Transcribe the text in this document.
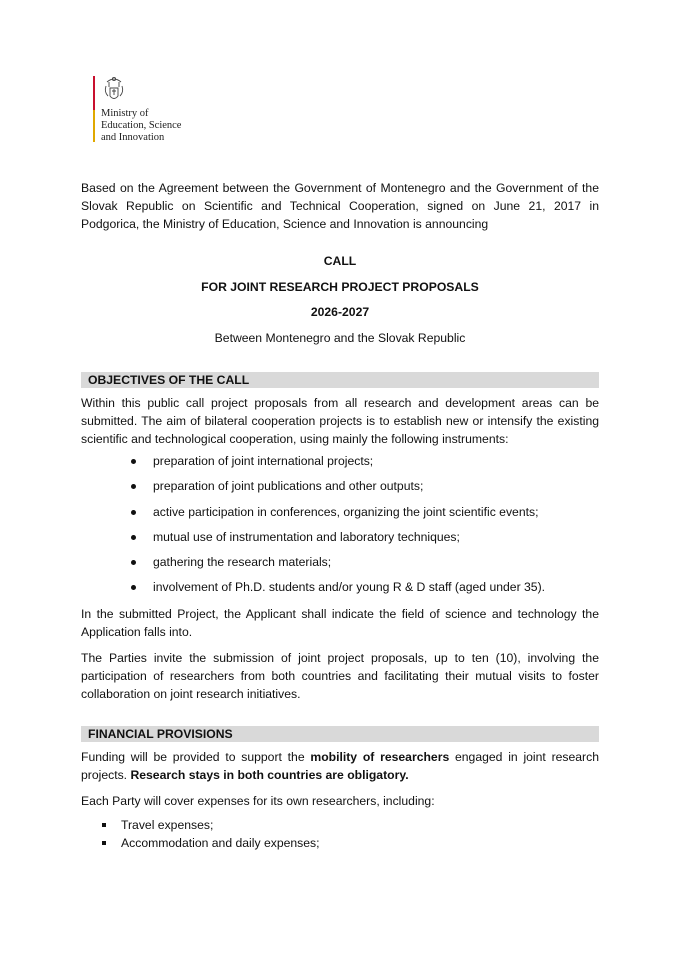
Ministry of
Education, Science
and Innovation

Based on the Agreement between the Government of Montenegro and the Government of the Slovak Republic on Scientific and Technical Cooperation, signed on June 21, 2017 in Podgorica, the Ministry of Education, Science and Innovation is announcing

CALL

FOR JOINT RESEARCH PROJECT PROPOSALS

2026-2027

Between Montenegro and the Slovak Republic

OBJECTIVES OF THE CALL

Within this public call project proposals from all research and development areas can be submitted. The aim of bilateral cooperation projects is to establish new or intensify the existing scientific and technological cooperation, using mainly the following instruments:

preparation of joint international projects;
preparation of joint publications and other outputs;
active participation in conferences, organizing the joint scientific events;
mutual use of instrumentation and laboratory techniques;
gathering the research materials;
involvement of Ph.D. students and/or young R & D staff (aged under 35).

In the submitted Project, the Applicant shall indicate the field of science and technology the Application falls into.

The Parties invite the submission of joint project proposals, up to ten (10), involving the participation of researchers from both countries and facilitating their mutual visits to foster collaboration on joint research initiatives.

FINANCIAL PROVISIONS

Funding will be provided to support the mobility of researchers engaged in joint research projects. Research stays in both countries are obligatory.

Each Party will cover expenses for its own researchers, including:

Travel expenses;
Accommodation and daily expenses;
